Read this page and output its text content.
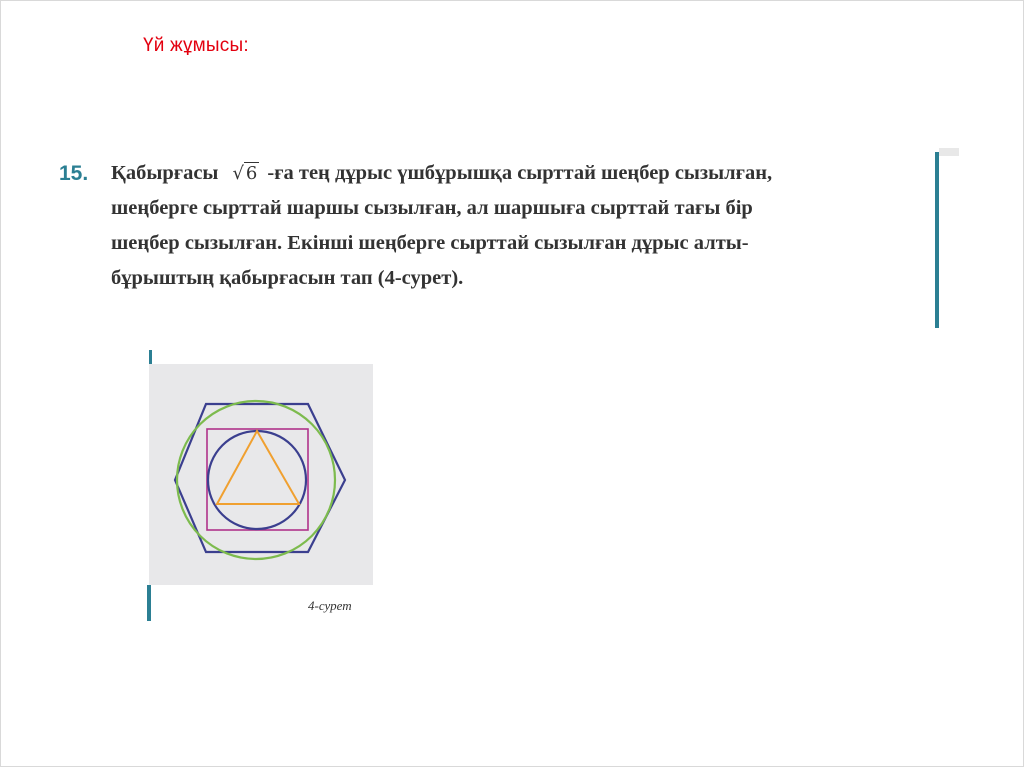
Үй жұмысы:
15. Қабырғасы √ 6 -ға тең дұрыс үшбұрышқа сырттай шеңбер сызылған,
шеңберге сырттай шаршы сызылған, ал шаршыға сырттай тағы бір
шеңбер сызылған. Екінші шеңберге сырттай сызылған дұрыс алты-
бұрыштың қабырғасын тап (4-сурет).
4-сурет
